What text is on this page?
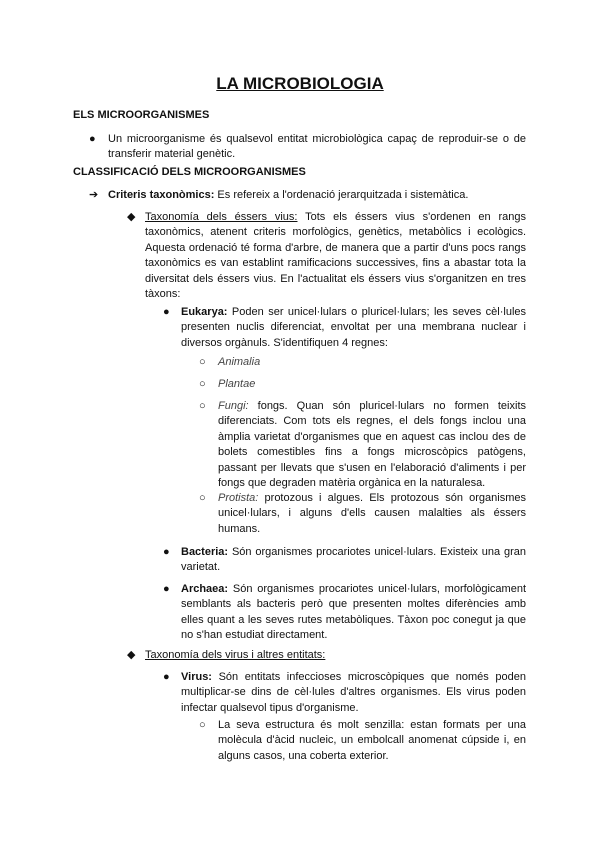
LA MICROBIOLOGIA
ELS MICROORGANISMES
● Un microorganisme és qualsevol entitat microbiològica capaç de reproduir-se o de transferir material genètic.
CLASSIFICACIÓ DELS MICROORGANISMES
➔ Criteris taxonòmics: Es refereix a l'ordenació jerarquitzada i sistemàtica.
◆ Taxonomía dels éssers vius: Tots els éssers vius s'ordenen en rangs taxonòmics, atenent criteris morfològics, genètics, metabòlics i ecològics. Aquesta ordenació té forma d'arbre, de manera que a partir d'uns pocs rangs taxonòmics es van establint ramificacions successives, fins a abastar tota la diversitat dels éssers vius. En l'actualitat els éssers vius s'organitzen en tres tàxons:
● Eukarya: Poden ser unicel·lulars o pluricel·lulars; les seves cèl·lules presenten nuclis diferenciat, envoltat per una membrana nuclear i diversos orgànuls. S'identifiquen 4 regnes:
○ Animalia
○ Plantae
○ Fungi: fongs. Quan són pluricel·lulars no formen teixits diferenciats. Com tots els regnes, el dels fongs inclou una àmplia varietat d'organismes que en aquest cas inclou des de bolets comestibles fins a fongs microscòpics patògens, passant per llevats que s'usen en l'elaboració d'aliments i per fongs que degraden matèria orgànica en la naturalesa.
○ Protista: protozous i algues. Els protozous són organismes unicel·lulars, i alguns d'ells causen malalties als éssers humans.
● Bacteria: Són organismes procariotes unicel·lulars. Existeix una gran varietat.
● Archaea: Són organismes procariotes unicel·lulars, morfològicament semblants als bacteris però que presenten moltes diferències amb elles quant a les seves rutes metabòliques. Tàxon poc conegut ja que no s'han estudiat directament.
◆ Taxonomía dels virus i altres entitats:
● Virus: Són entitats infeccioses microscòpiques que només poden multiplicar-se dins de cèl·lules d'altres organismes. Els virus poden infectar qualsevol tipus d'organisme.
○ La seva estructura és molt senzilla: estan formats per una molècula d'àcid nucleic, un embolcall anomenat cúpside i, en alguns casos, una coberta exterior.
